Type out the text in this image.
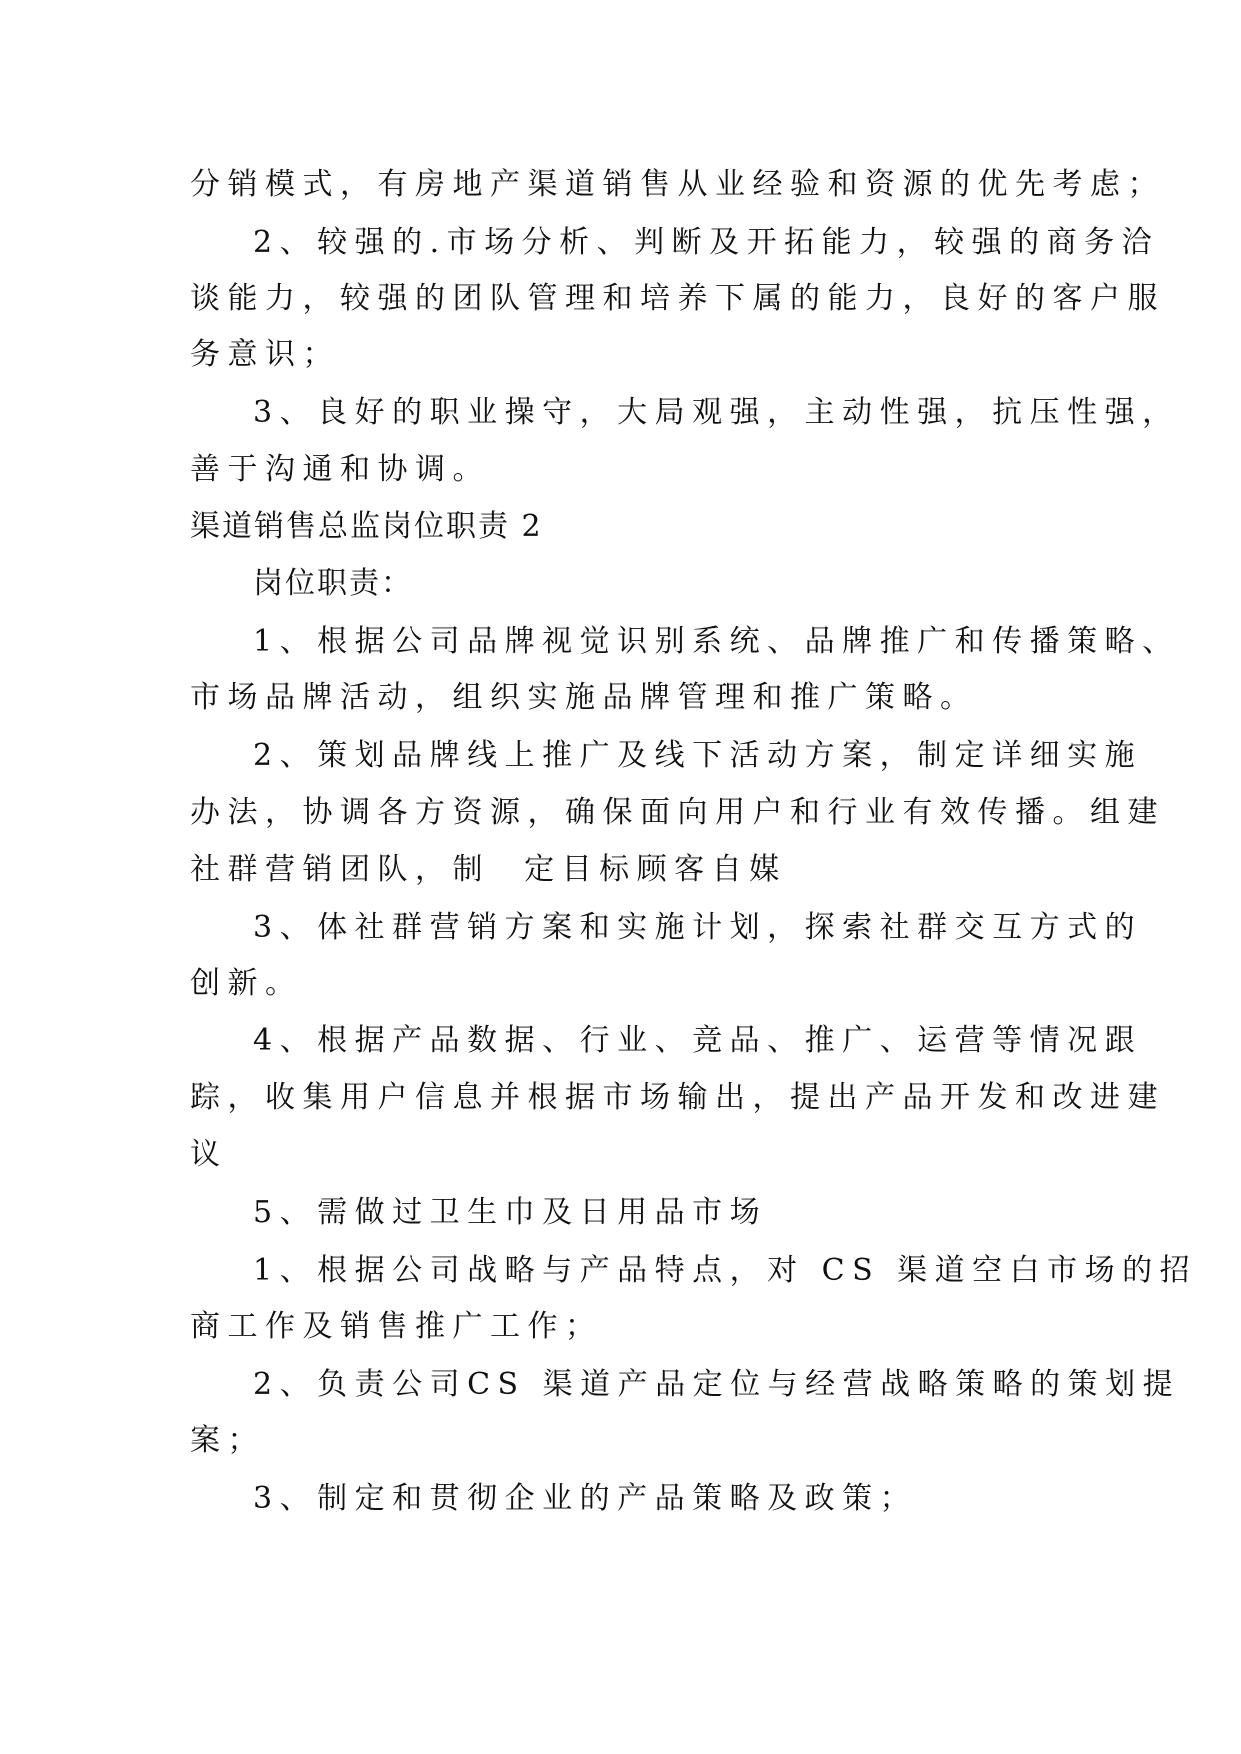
分销模式，有房地产渠道销售从业经验和资源的优先考虑；
2、较强的.市场分析、判断及开拓能力，较强的商务洽
谈能力，较强的团队管理和培养下属的能力，良好的客户服
务意识；
3、良好的职业操守，大局观强，主动性强，抗压性强，
善于沟通和协调。
渠道销售总监岗位职责 2
岗位职责：
1、根据公司品牌视觉识别系统、品牌推广和传播策略、
市场品牌活动，组织实施品牌管理和推广策略。
2、策划品牌线上推广及线下活动方案，制定详细实施
办法，协调各方资源，确保面向用户和行业有效传播。组建
社群营销团队，制  定目标顾客自媒
3、体社群营销方案和实施计划，探索社群交互方式的
创新。
4、根据产品数据、行业、竞品、推广、运营等情况跟
踪，收集用户信息并根据市场输出，提出产品开发和改进建
议
5、需做过卫生巾及日用品市场
1、根据公司战略与产品特点，对 CS 渠道空白市场的招
商工作及销售推广工作；
2、负责公司CS 渠道产品定位与经营战略策略的策划提
案；
3、制定和贯彻企业的产品策略及政策；
